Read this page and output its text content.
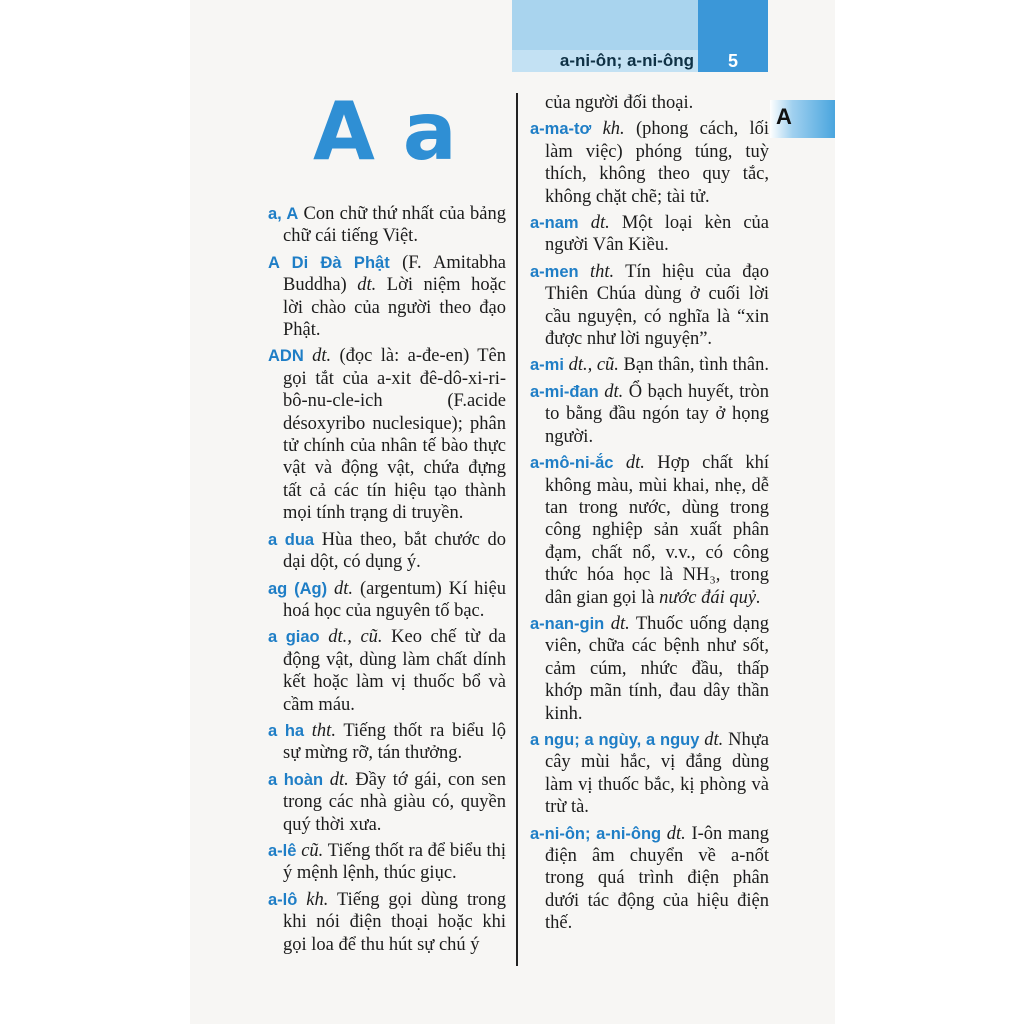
a-ni-ôn; a-ni-ông	5
A
A a

a, A Con chữ thứ nhất của bảng chữ cái tiếng Việt.

A Di Đà Phật (F. Amitabha Buddha) dt. Lời niệm hoặc lời chào của người theo đạo Phật.

ADN dt. (đọc là: a-đe-en) Tên gọi tắt của a-xit đê-dô-xi-ri-bô-nu-cle-ich (F.acide désoxyribo nuclesique); phân tử chính của nhân tế bào thực vật và động vật, chứa đựng tất cả các tín hiệu tạo thành mọi tính trạng di truyền.

a dua Hùa theo, bắt chước do dại dột, có dụng ý.

ag (Ag) dt. (argentum) Kí hiệu hoá học của nguyên tố bạc.

a giao dt., cũ. Keo chế từ da động vật, dùng làm chất dính kết hoặc làm vị thuốc bổ và cầm máu.

a ha tht. Tiếng thốt ra biểu lộ sự mừng rỡ, tán thưởng.

a hoàn dt. Đầy tớ gái, con sen trong các nhà giàu có, quyền quý thời xưa.

a-lê cũ. Tiếng thốt ra để biểu thị ý mệnh lệnh, thúc giục.

a-lô kh. Tiếng gọi dùng trong khi nói điện thoại hoặc khi gọi loa để thu hút sự chú ý

của người đối thoại.

a-ma-tơ kh. (phong cách, lối làm việc) phóng túng, tuỳ thích, không theo quy tắc, không chặt chẽ; tài tử.

a-nam dt. Một loại kèn của người Vân Kiều.

a-men tht. Tín hiệu của đạo Thiên Chúa dùng ở cuối lời cầu nguyện, có nghĩa là “xin được như lời nguyện”.

a-mi dt., cũ. Bạn thân, tình thân.

a-mi-đan dt. Ổ bạch huyết, tròn to bằng đầu ngón tay ở họng người.

a-mô-ni-ắc dt. Hợp chất khí không màu, mùi khai, nhẹ, dễ tan trong nước, dùng trong công nghiệp sản xuất phân đạm, chất nổ, v.v., có công thức hóa học là NH₃, trong dân gian gọi là nước đái quỷ.

a-nan-gin dt. Thuốc uống dạng viên, chữa các bệnh như sốt, cảm cúm, nhức đầu, thấp khớp mãn tính, đau dây thần kinh.

a ngu; a ngùy, a nguy dt. Nhựa cây mùi hắc, vị đắng dùng làm vị thuốc bắc, kị phòng và trừ tà.

a-ni-ôn; a-ni-ông dt. I-ôn mang điện âm chuyển về a-nốt trong quá trình điện phân dưới tác động của hiệu điện thế.
